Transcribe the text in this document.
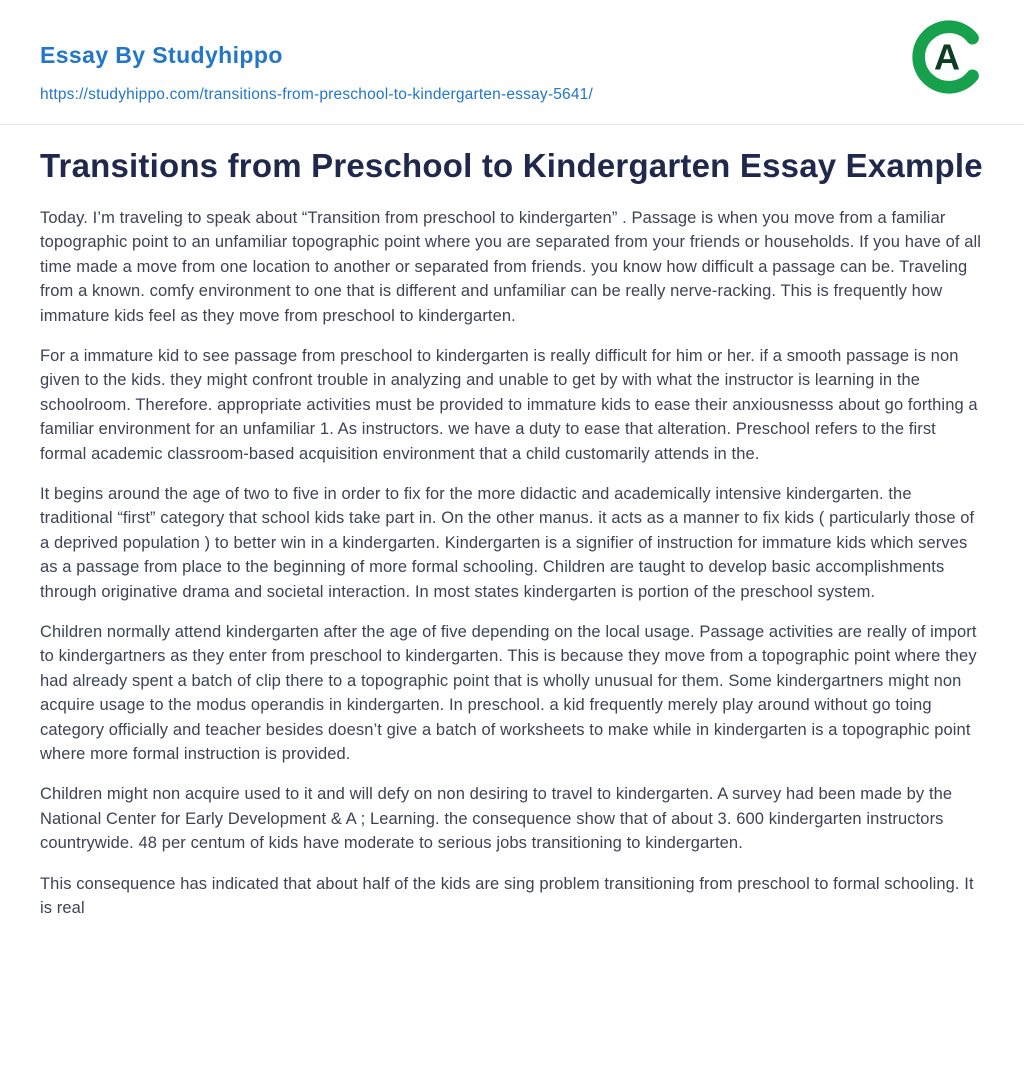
Essay By Studyhippo
https://studyhippo.com/transitions-from-preschool-to-kindergarten-essay-5641/
A
Transitions from Preschool to Kindergarten Essay Example

Today. I’m traveling to speak about “Transition from preschool to kindergarten” . Passage is when you move from a familiar topographic point to an unfamiliar topographic point where you are separated from your friends or households. If you have of all time made a move from one location to another or separated from friends. you know how difficult a passage can be. Traveling from a known. comfy environment to one that is different and unfamiliar can be really nerve-racking. This is frequently how immature kids feel as they move from preschool to kindergarten.

For a immature kid to see passage from preschool to kindergarten is really difficult for him or her. if a smooth passage is non given to the kids. they might confront trouble in analyzing and unable to get by with what the instructor is learning in the schoolroom. Therefore. appropriate activities must be provided to immature kids to ease their anxiousnesss about go forthing a familiar environment for an unfamiliar 1. As instructors. we have a duty to ease that alteration. Preschool refers to the first formal academic classroom-based acquisition environment that a child customarily attends in the.

It begins around the age of two to five in order to fix for the more didactic and academically intensive kindergarten. the traditional “first” category that school kids take part in. On the other manus. it acts as a manner to fix kids ( particularly those of a deprived population ) to better win in a kindergarten. Kindergarten is a signifier of instruction for immature kids which serves as a passage from place to the beginning of more formal schooling. Children are taught to develop basic accomplishments through originative drama and societal interaction. In most states kindergarten is portion of the preschool system.

Children normally attend kindergarten after the age of five depending on the local usage. Passage activities are really of import to kindergartners as they enter from preschool to kindergarten. This is because they move from a topographic point where they had already spent a batch of clip there to a topographic point that is wholly unusual for them. Some kindergartners might non acquire usage to the modus operandis in kindergarten. In preschool. a kid frequently merely play around without go toing category officially and teacher besides doesn’t give a batch of worksheets to make while in kindergarten is a topographic point where more formal instruction is provided.

Children might non acquire used to it and will defy on non desiring to travel to kindergarten. A survey had been made by the National Center for Early Development & A ; Learning. the consequence show that of about 3. 600 kindergarten instructors countrywide. 48 per centum of kids have moderate to serious jobs transitioning to kindergarten.

This consequence has indicated that about half of the kids are sing problem transitioning from preschool to formal schooling. It is real
